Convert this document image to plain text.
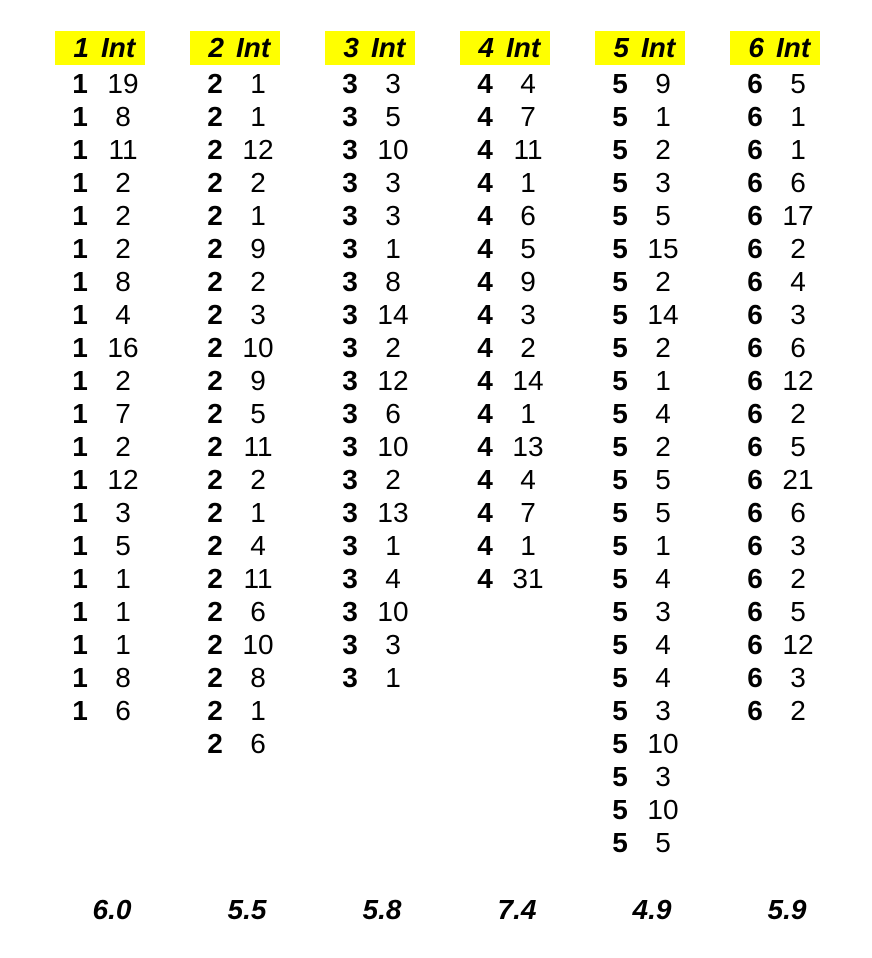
1 Int
1 19
1 8
1 11
1 2
1 2
1 2
1 8
1 4
1 16
1 2
1 7
1 2
1 12
1 3
1 5
1 1
1 1
1 1
1 8
1 6
6.0
2 Int
2 1
2 1
2 12
2 2
2 1
2 9
2 2
2 3
2 10
2 9
2 5
2 11
2 2
2 1
2 4
2 11
2 6
2 10
2 8
2 1
2 6
5.5
3 Int
3 3
3 5
3 10
3 3
3 3
3 1
3 8
3 14
3 2
3 12
3 6
3 10
3 2
3 13
3 1
3 4
3 10
3 3
3 1
5.8
4 Int
4 4
4 7
4 11
4 1
4 6
4 5
4 9
4 3
4 2
4 14
4 1
4 13
4 4
4 7
4 1
4 31
7.4
5 Int
5 9
5 1
5 2
5 3
5 5
5 15
5 2
5 14
5 2
5 1
5 4
5 2
5 5
5 5
5 1
5 4
5 3
5 4
5 4
5 3
5 10
5 3
5 10
5 5
4.9
6 Int
6 5
6 1
6 1
6 6
6 17
6 2
6 4
6 3
6 6
6 12
6 2
6 5
6 21
6 6
6 3
6 2
6 5
6 12
6 3
6 2
5.9
